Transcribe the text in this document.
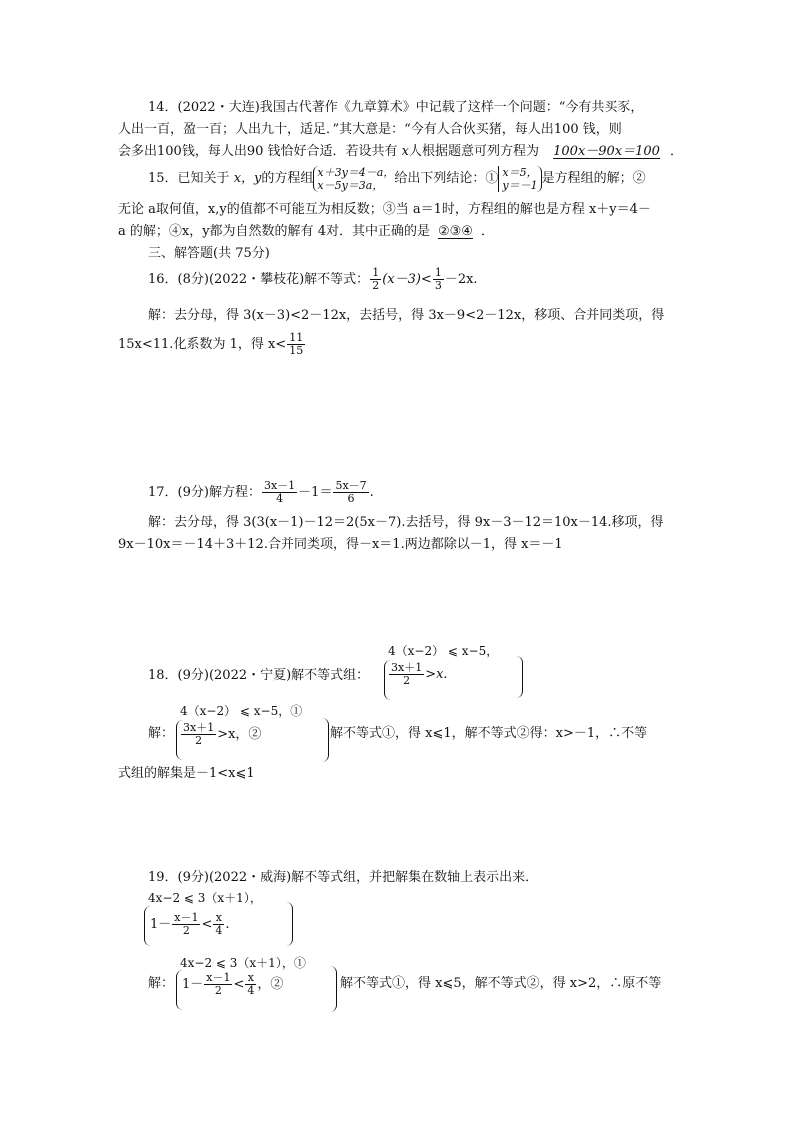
14．(2022・大连)我国古代著作《九章算术》中记载了这样一个问题：“今有共买豕，
人出一百，盈一百；人出九十，适足．”其大意是：“今有人合伙买猪，每人出100 钱，则
会多出100钱，每人出90 钱恰好合适．若设共有 x人根据题意可列方程为 100x－90x＝100 ．
15．已知关于 x，y的方程组 x＋3y＝4－a，
x－5y＝3a， 给出下列结论：① x＝5，
y＝－1 是方程组的解；②
无论 a取何值，x,y的值都不可能互为相反数；③当 a＝1时，方程组的解也是方程 x＋y＝4－
a 的解；④x，y都为自然数的解有 4对．其中正确的是 ②③④ ．
三、解答题(共 75分)
16．(8分)(2022・攀枝花)解不等式： $\frac{1}{2} (x-3)< \frac{1}{3} -2x$.
解：去分母，得 3(x－3)<2－12x，去括号，得 3x－9<2－12x，移项、合并同类项，得
15x<11.化系数为 1，得 $x< \frac{11}{15}$
17．(9分)解方程： $\frac{3x-1}{4} -1= \frac{5x-7}{6}$ .
解：去分母，得 3(3(x－1)－12＝2(5x－7).去括号，得 9x－3－12＝10x－14.移项，得
9x－10x＝－14＋3＋12.合并同类项，得－x＝1.两边都除以－1，得 x＝－1
4（x−2） ⩽ x−5，
18．(9分)(2022・宁夏)解不等式组： $\frac{3x+1}{2} >x$.
4（x−2） ⩽ x−5，①
解： $\frac{3x+1}{2} >x$，②	解不等式①，得 x⩽1，解不等式②得：x>－1，∴不等
式组的解集是－1<x⩽1
19．(9分)(2022・威海)解不等式组，并把解集在数轴上表示出来．
4x−2 ⩽ 3（x＋1），
$1- \frac{x-1}{2} < \frac{x}{4}$ .
4x−2 ⩽ 3（x＋1），①
解： $1- \frac{x-1}{2} < \frac{x}{4}$ ，②	解不等式①，得 x⩽5，解不等式②，得 x>2，∴原不等
